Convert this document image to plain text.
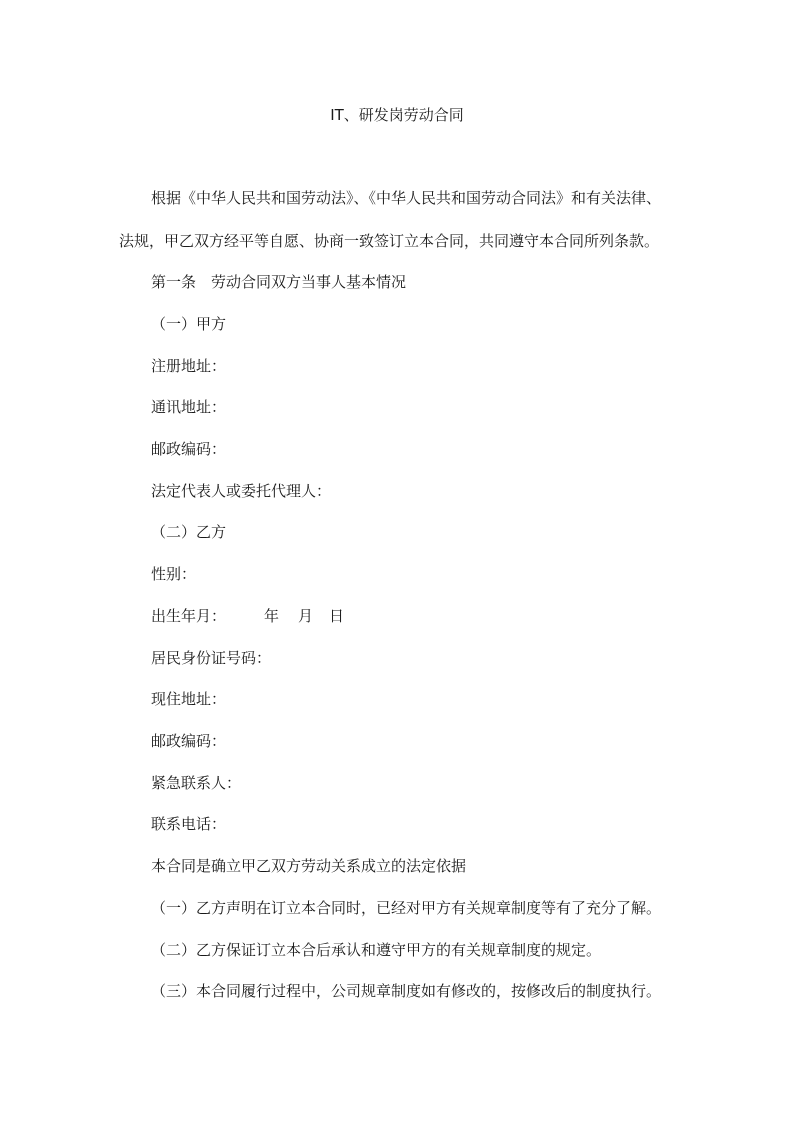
IT、研发岗劳动合同
根据《中华人民共和国劳动法》、《中华人民共和国劳动合同法》和有关法律、
法规，甲乙双方经平等自愿、协商一致签订立本合同，共同遵守本合同所列条款。
第一条　劳动合同双方当事人基本情况
（一）甲方
注册地址：
通讯地址：
邮政编码：
法定代表人或委托代理人：
（二）乙方
性别：
出生年月：	年 月 日
居民身份证号码：
现住地址：
邮政编码：
紧急联系人：
联系电话：
本合同是确立甲乙双方劳动关系成立的法定依据
（一）乙方声明在订立本合同时，已经对甲方有关规章制度等有了充分了解。
（二）乙方保证订立本合后承认和遵守甲方的有关规章制度的规定。
（三）本合同履行过程中，公司规章制度如有修改的，按修改后的制度执行。
